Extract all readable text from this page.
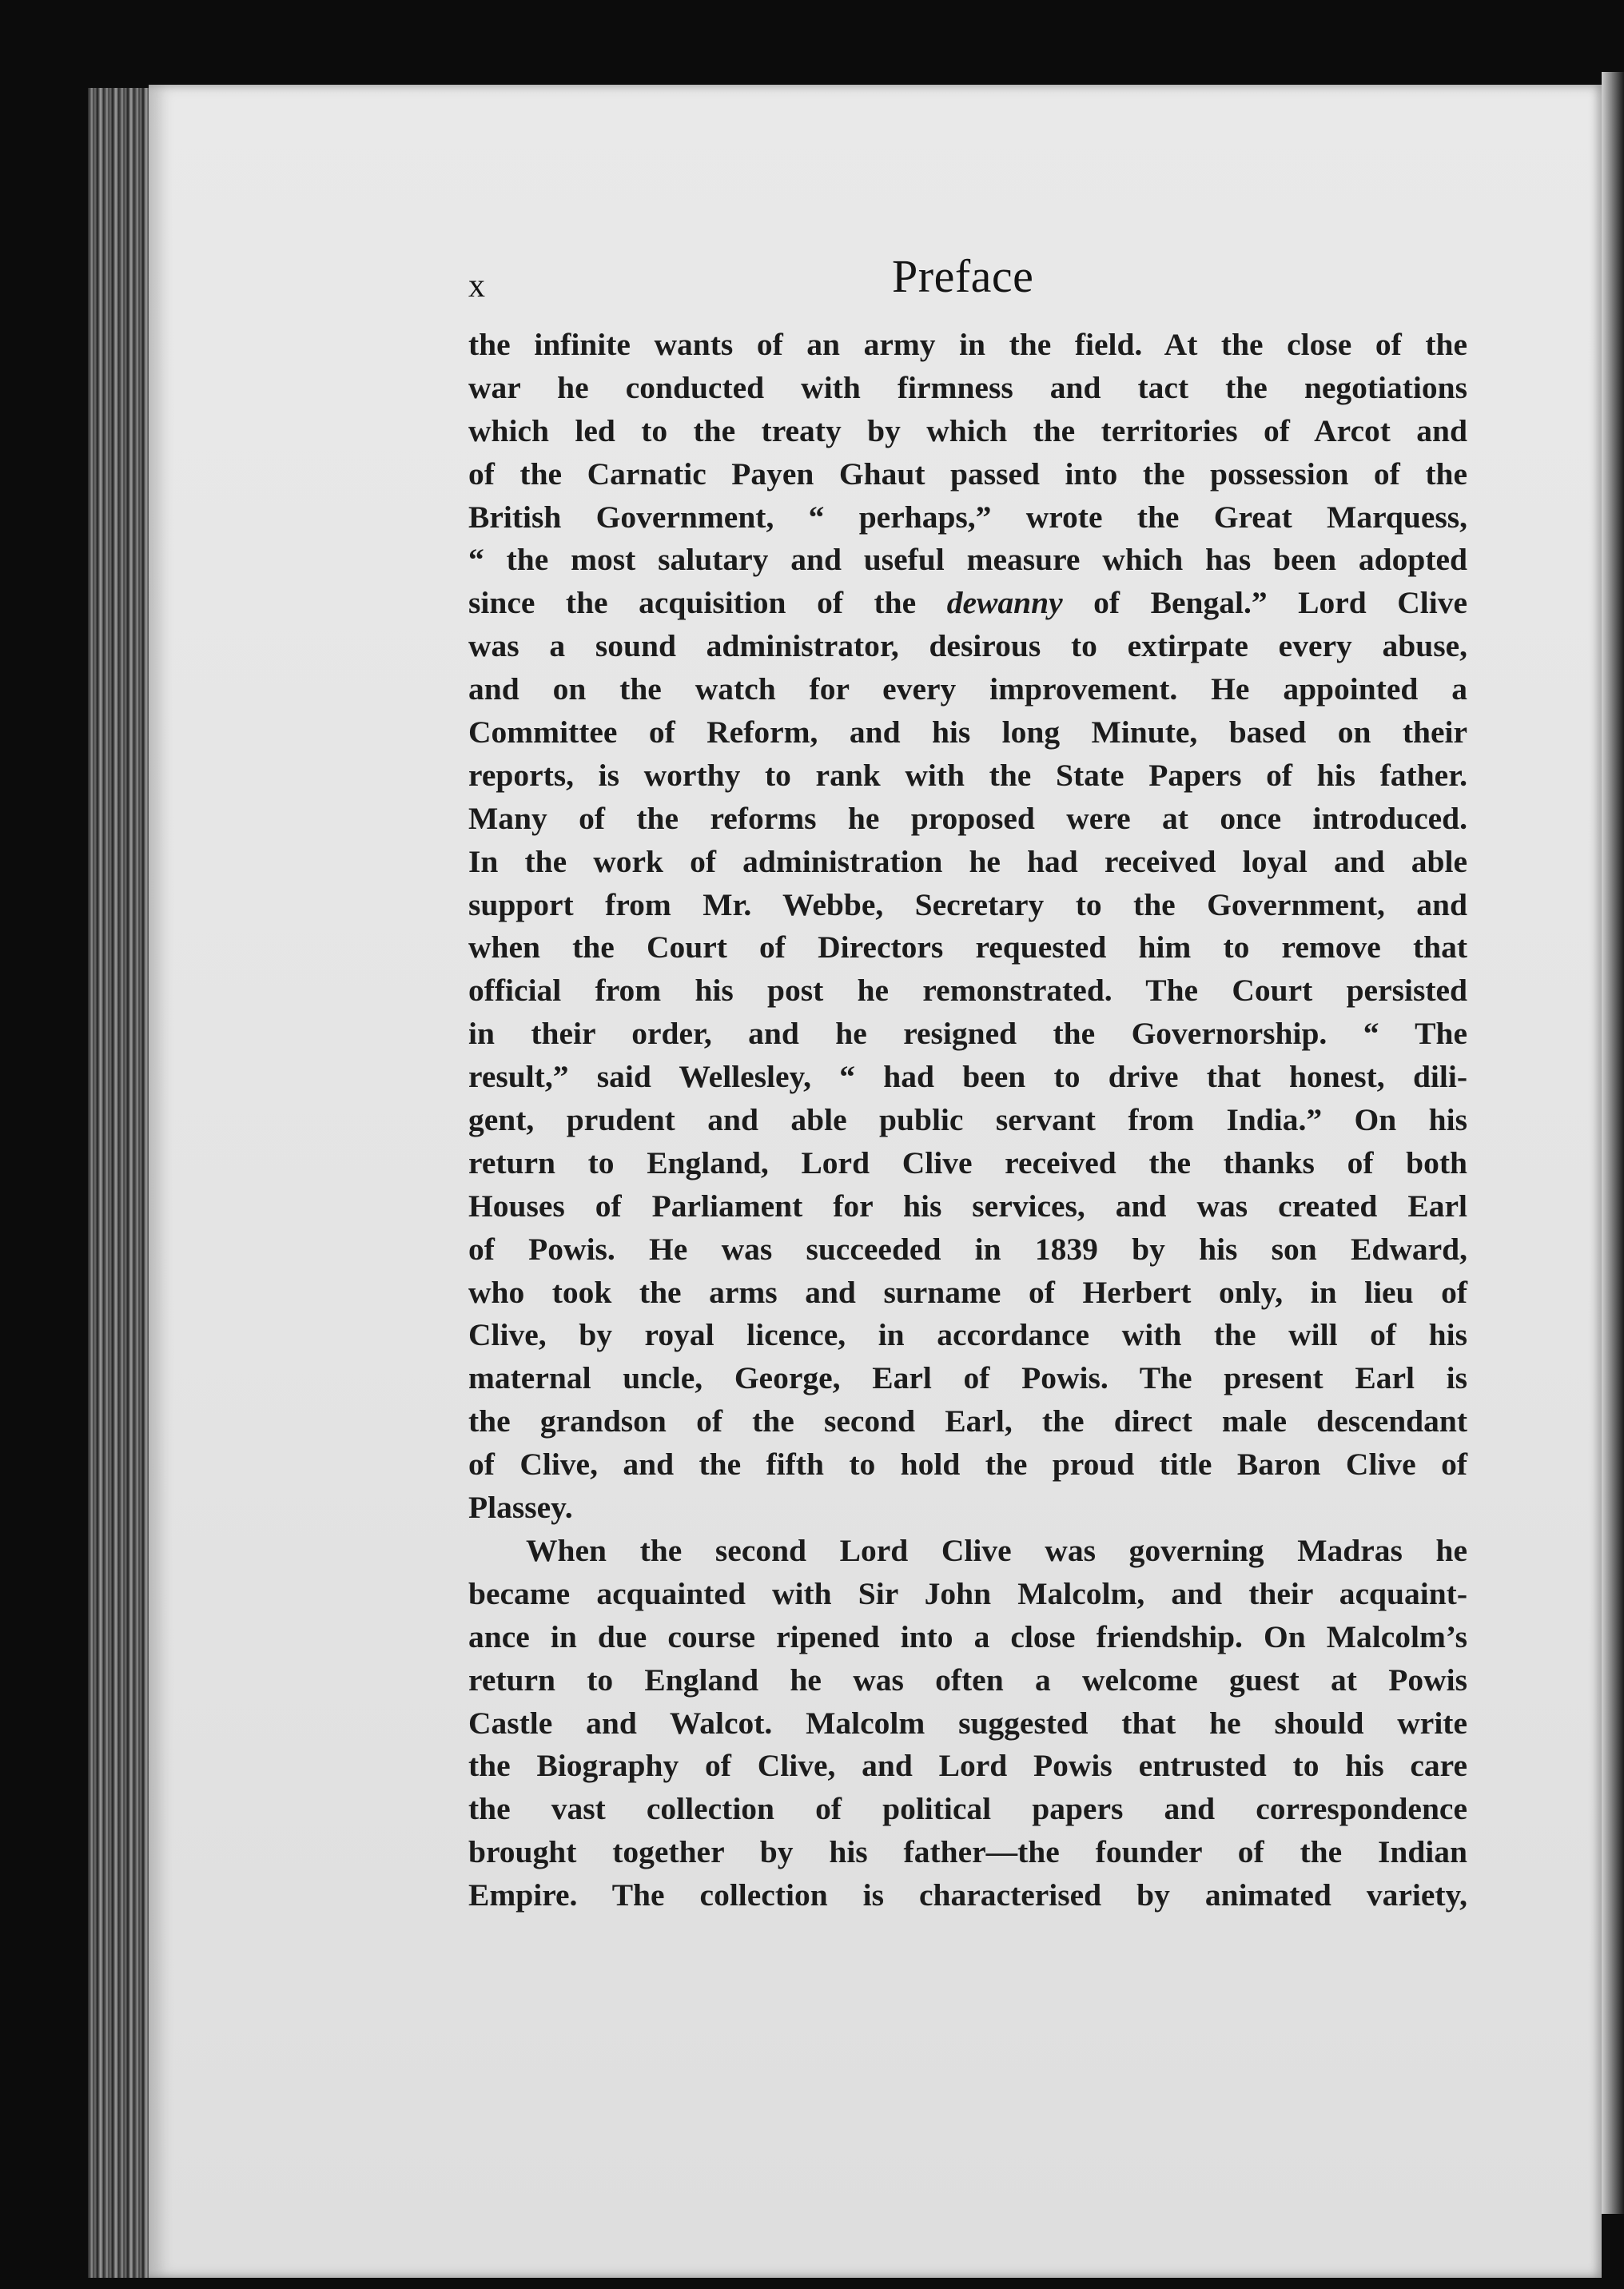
x	Preface
the infinite wants of an army in the field. At the close of the
war he conducted with firmness and tact the negotiations
which led to the treaty by which the territories of Arcot and
of the Carnatic Payen Ghaut passed into the possession of the
British Government, “ perhaps,” wrote the Great Marquess,
“ the most salutary and useful measure which has been adopted
since the acquisition of the dewanny of Bengal.” Lord Clive
was a sound administrator, desirous to extirpate every abuse,
and on the watch for every improvement. He appointed a
Committee of Reform, and his long Minute, based on their
reports, is worthy to rank with the State Papers of his father.
Many of the reforms he proposed were at once introduced.
In the work of administration he had received loyal and able
support from Mr. Webbe, Secretary to the Government, and
when the Court of Directors requested him to remove that
official from his post he remonstrated. The Court persisted
in their order, and he resigned the Governorship. “ The
result,” said Wellesley, “ had been to drive that honest, dili-
gent, prudent and able public servant from India.” On his
return to England, Lord Clive received the thanks of both
Houses of Parliament for his services, and was created Earl
of Powis. He was succeeded in 1839 by his son Edward,
who took the arms and surname of Herbert only, in lieu of
Clive, by royal licence, in accordance with the will of his
maternal uncle, George, Earl of Powis. The present Earl is
the grandson of the second Earl, the direct male descendant
of Clive, and the fifth to hold the proud title Baron Clive of
Plassey.
When the second Lord Clive was governing Madras he
became acquainted with Sir John Malcolm, and their acquaint-
ance in due course ripened into a close friendship. On Malcolm’s
return to England he was often a welcome guest at Powis
Castle and Walcot. Malcolm suggested that he should write
the Biography of Clive, and Lord Powis entrusted to his care
the vast collection of political papers and correspondence
brought together by his father—the founder of the Indian
Empire. The collection is characterised by animated variety,
